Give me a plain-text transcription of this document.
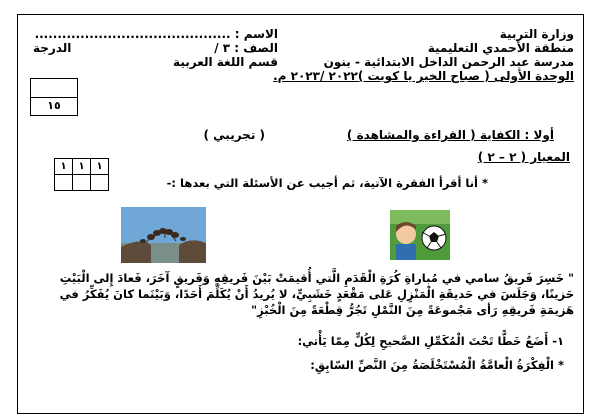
وزارة التربية
منطقة الأحمدي التعليمية
مدرسة عبد الرحمن الداخل الابتدائية - بنون
الوحدة الأولى ( صباح الخير يا كويت )٢٠٢٢ /٢٠٢٣ م.
الاسم : ...........................................
الصف : ٣ /
الدرجة
قسم اللغة العربية
١٥
أولا : الكفاية ( القراءة والمشاهدة )
( تجريبي )
المعيار ( ٢ – ٢ )
١	١	١

* أنا أقرأ الفقرة الآتية، ثم أجيب عن الأسئلة التي بعدها :-
" خَسِرَ فَريقُ سامي في مُباراةِ كُرَةِ الْقَدَمِ الَّتي أُقيمَتْ بَيْنَ فَريقِهِ وَفَريقٍ آخَرَ، فَعادَ إِلى الْبَيْتِ حَزينًا، وَجَلَسَ في حَديقَةِ الْمَنْزِلِ عَلى مَقْعَدٍ خَشَبِيٍّ، لا يُريدُ أَنْ يُكَلِّمَ أَحَدًا، وَبَيْنَما كانَ يُفَكِّرُ في هَزيمَةِ فَريقِهِ رَأى مَجْموعَةً مِنَ النَّمْلِ تَجُرُّ قِطْعَةً مِنَ الْخُبْزِ"
١- أَضَعُ خَطًّا تَحْتَ الْمُكَمِّلِ الصَّحيحِ لِكُلٍّ مِمّا يَأْتي:
* الْفِكْرَةُ الْعامَّةُ الْمُسْتَخْلَصَةُ مِنَ النَّصِّ السّابِقِ:
